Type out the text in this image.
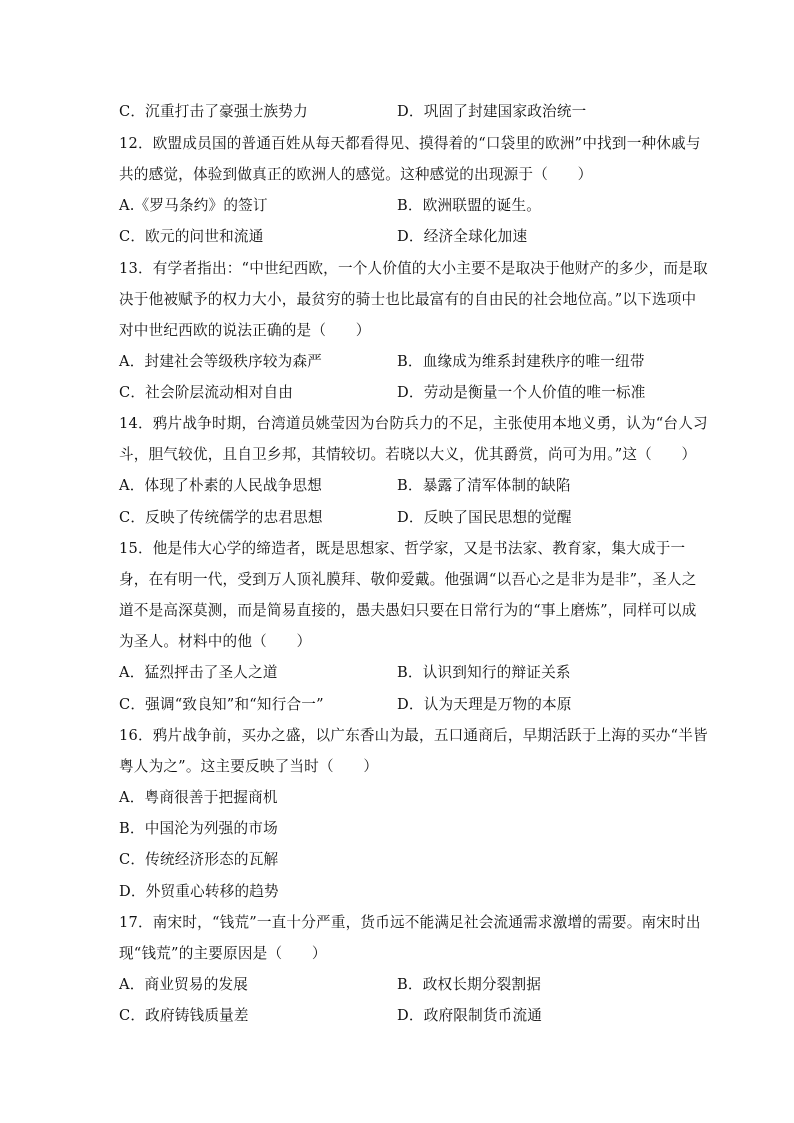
C．沉重打击了豪强士族势力	D．巩固了封建国家政治统一
12．欧盟成员国的普通百姓从每天都看得见、摸得着的“口袋里的欧洲”中找到一种休戚与
共的感觉，体验到做真正的欧洲人的感觉。这种感觉的出现源于（　　）
A.《罗马条约》的签订	B．欧洲联盟的诞生。
C．欧元的问世和流通	D．经济全球化加速
13．有学者指出：“中世纪西欧，一个人价值的大小主要不是取决于他财产的多少，而是取
决于他被赋予的权力大小，最贫穷的骑士也比最富有的自由民的社会地位高。”以下选项中
对中世纪西欧的说法正确的是（　　）
A．封建社会等级秩序较为森严	B．血缘成为维系封建秩序的唯一纽带
C．社会阶层流动相对自由	D．劳动是衡量一个人价值的唯一标准
14．鸦片战争时期，台湾道员姚莹因为台防兵力的不足，主张使用本地义勇，认为“台人习
斗，胆气较优，且自卫乡邦，其情较切。若晓以大义，优其爵赏，尚可为用。”这（　　）
A．体现了朴素的人民战争思想	B．暴露了清军体制的缺陷
C．反映了传统儒学的忠君思想	D．反映了国民思想的觉醒
15．他是伟大心学的缔造者，既是思想家、哲学家，又是书法家、教育家，集大成于一
身，在有明一代，受到万人顶礼膜拜、敬仰爱戴。他强调“以吾心之是非为是非”，圣人之
道不是高深莫测，而是简易直接的，愚夫愚妇只要在日常行为的“事上磨炼”，同样可以成
为圣人。材料中的他（　　）
A．猛烈抨击了圣人之道	B．认识到知行的辩证关系
C．强调“致良知”和“知行合一”	D．认为天理是万物的本原
16．鸦片战争前，买办之盛，以广东香山为最，五口通商后，早期活跃于上海的买办“半皆
粤人为之”。这主要反映了当时（　　）
A．粤商很善于把握商机
B．中国沦为列强的市场
C．传统经济形态的瓦解
D．外贸重心转移的趋势
17．南宋时，“钱荒”一直十分严重，货币远不能满足社会流通需求激增的需要。南宋时出
现“钱荒”的主要原因是（　　）
A．商业贸易的发展	B．政权长期分裂割据
C．政府铸钱质量差	D．政府限制货币流通
